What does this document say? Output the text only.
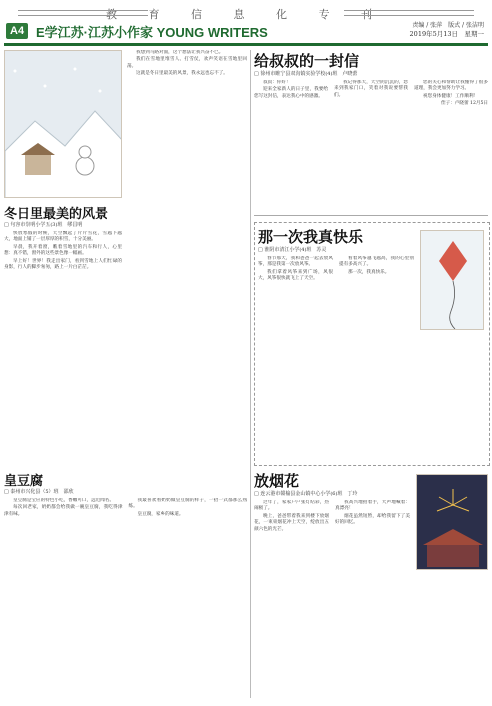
教 育 信 息 化 专 刊
A4 E学江苏·江苏小作家 YOUNG WRITERS	责编 / 张萍　版式 / 张洁明
2019年5月13日　星期一
冬日里最美的风景
□ 句容市崇明小学五(3)班　缪昌明

快放寒假的时候，天空飘起了片片雪花，雪越下越大，地面上铺了一层厚厚的积雪，十分美丽。

早晨，我开着窗，瞧着雪地里的汽车和行人，心里想：真不错，窗外的这些景色像一幅画。

早上好！世界！我走出家门，看到雪地上人们忙碌的身影，行人的脚步匆匆，路上一片白茫茫。

我想到马路对面，这个想法让我兴奋不已。

我们在雪地里堆雪人、打雪仗，欢声笑语在雪地里回荡。

这就是冬日里最美的风景，我永远也忘不了。

给叔叔的一封信
□ 徐州市睢宁县双沟镇实验学校(4)班　卢晓蕾

叔叔：你好！

迎来全家新人的日子里，我要给您写这封信，表达我心中的感激。

我记得那天，天空阴沉沉的，您来到我家门口，笑着对我说要帮我们。

您的关心和帮助让我懂得了很多道理，我会更加努力学习。

祝您身体健康！工作顺利！

侄子：卢晓蕾 12月5日

那一次我真快乐
□ 淮阴市清江小学(4)班　苏灵

春节那天，我和爸爸一起去放风筝，那是我第一次放风筝。

我们拿着风筝来到广场，风很大，风筝很快就飞上了天空。

看着风筝越飞越高，我的心里别提有多高兴了。

那一次，我真快乐。

皇豆腐
□ 泰州市兴化县（5）班　邵欣

皇豆腐是宝应的特色小吃，香嫩可口，远近闻名。

每次回老家，奶奶都会给我做一碗皇豆腐，我吃得津津有味。

我最喜欢看奶奶做皇豆腐的样子，一招一式都那么熟练。

皇豆腐，家乡的味道。

放烟花
□ 连云港市赣榆县金山镇中心小学(6)班　丁玲

过年了，家家户户张灯结彩，热闹极了。

晚上，爸爸带着我来到楼下放烟花，一束束烟花冲上天空，绽放出五颜六色的光芒。

我高兴地拍着手，大声地喊着：真漂亮！

烟花虽然短暂，却给我留下了美好的回忆。
